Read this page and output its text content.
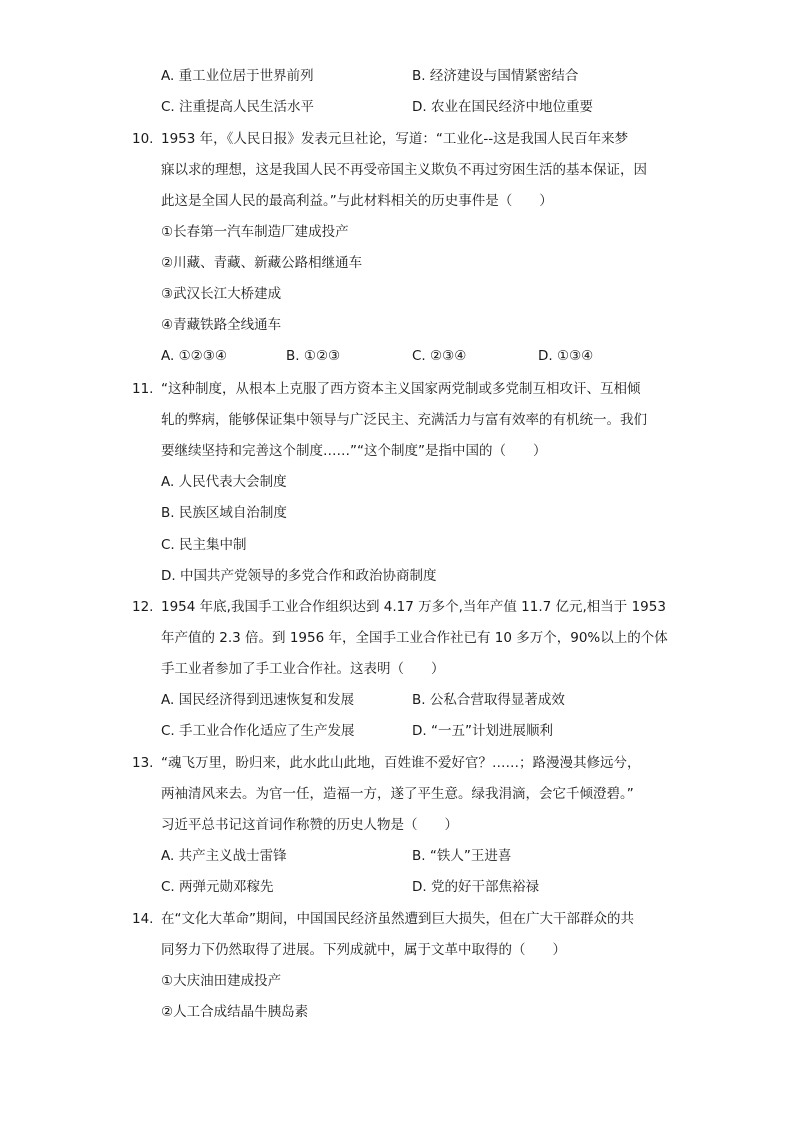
A. 重工业位居于世界前列	B. 经济建设与国情紧密结合
C. 注重提高人民生活水平	D. 农业在国民经济中地位重要
10. 1953 年，《人民日报》发表元旦社论，写道：“工业化--这是我国人民百年来梦
寐以求的理想，这是我国人民不再受帝国主义欺负不再过穷困生活的基本保证，因
此这是全国人民的最高利益。”与此材料相关的历史事件是（　　）
①长春第一汽车制造厂建成投产
②川藏、青藏、新藏公路相继通车
③武汉长江大桥建成
④青藏铁路全线通车
A. ①②③④	B. ①②③	C. ②③④	D. ①③④
11. “这种制度，从根本上克服了西方资本主义国家两党制或多党制互相攻讦、互相倾
轧的弊病，能够保证集中领导与广泛民主、充满活力与富有效率的有机统一。我们
要继续坚持和完善这个制度……”“这个制度”是指中国的（　　）
A. 人民代表大会制度
B. 民族区域自治制度
C. 民主集中制
D. 中国共产党领导的多党合作和政治协商制度
12. 1954 年底,我国手工业合作组织达到 4.17 万多个,当年产值 11.7 亿元,相当于 1953
年产值的 2.3 倍。到 1956 年，全国手工业合作社已有 10 多万个，90%以上的个体
手工业者参加了手工业合作社。这表明（　　）
A. 国民经济得到迅速恢复和发展	B. 公私合营取得显著成效
C. 手工业合作化适应了生产发展	D. “一五”计划进展顺利
13. “魂飞万里，盼归来，此水此山此地，百姓谁不爱好官？……；路漫漫其修远兮，
两袖清风来去。为官一任，造福一方，遂了平生意。绿我涓滴，会它千倾澄碧。”
习近平总书记这首词作称赞的历史人物是（　　）
A. 共产主义战士雷锋	B. “铁人”王进喜
C. 两弹元勋邓稼先	D. 党的好干部焦裕禄
14. 在“文化大革命”期间，中国国民经济虽然遭到巨大损失，但在广大干部群众的共
同努力下仍然取得了进展。下列成就中，属于文革中取得的（　　）
①大庆油田建成投产
②人工合成结晶牛胰岛素
